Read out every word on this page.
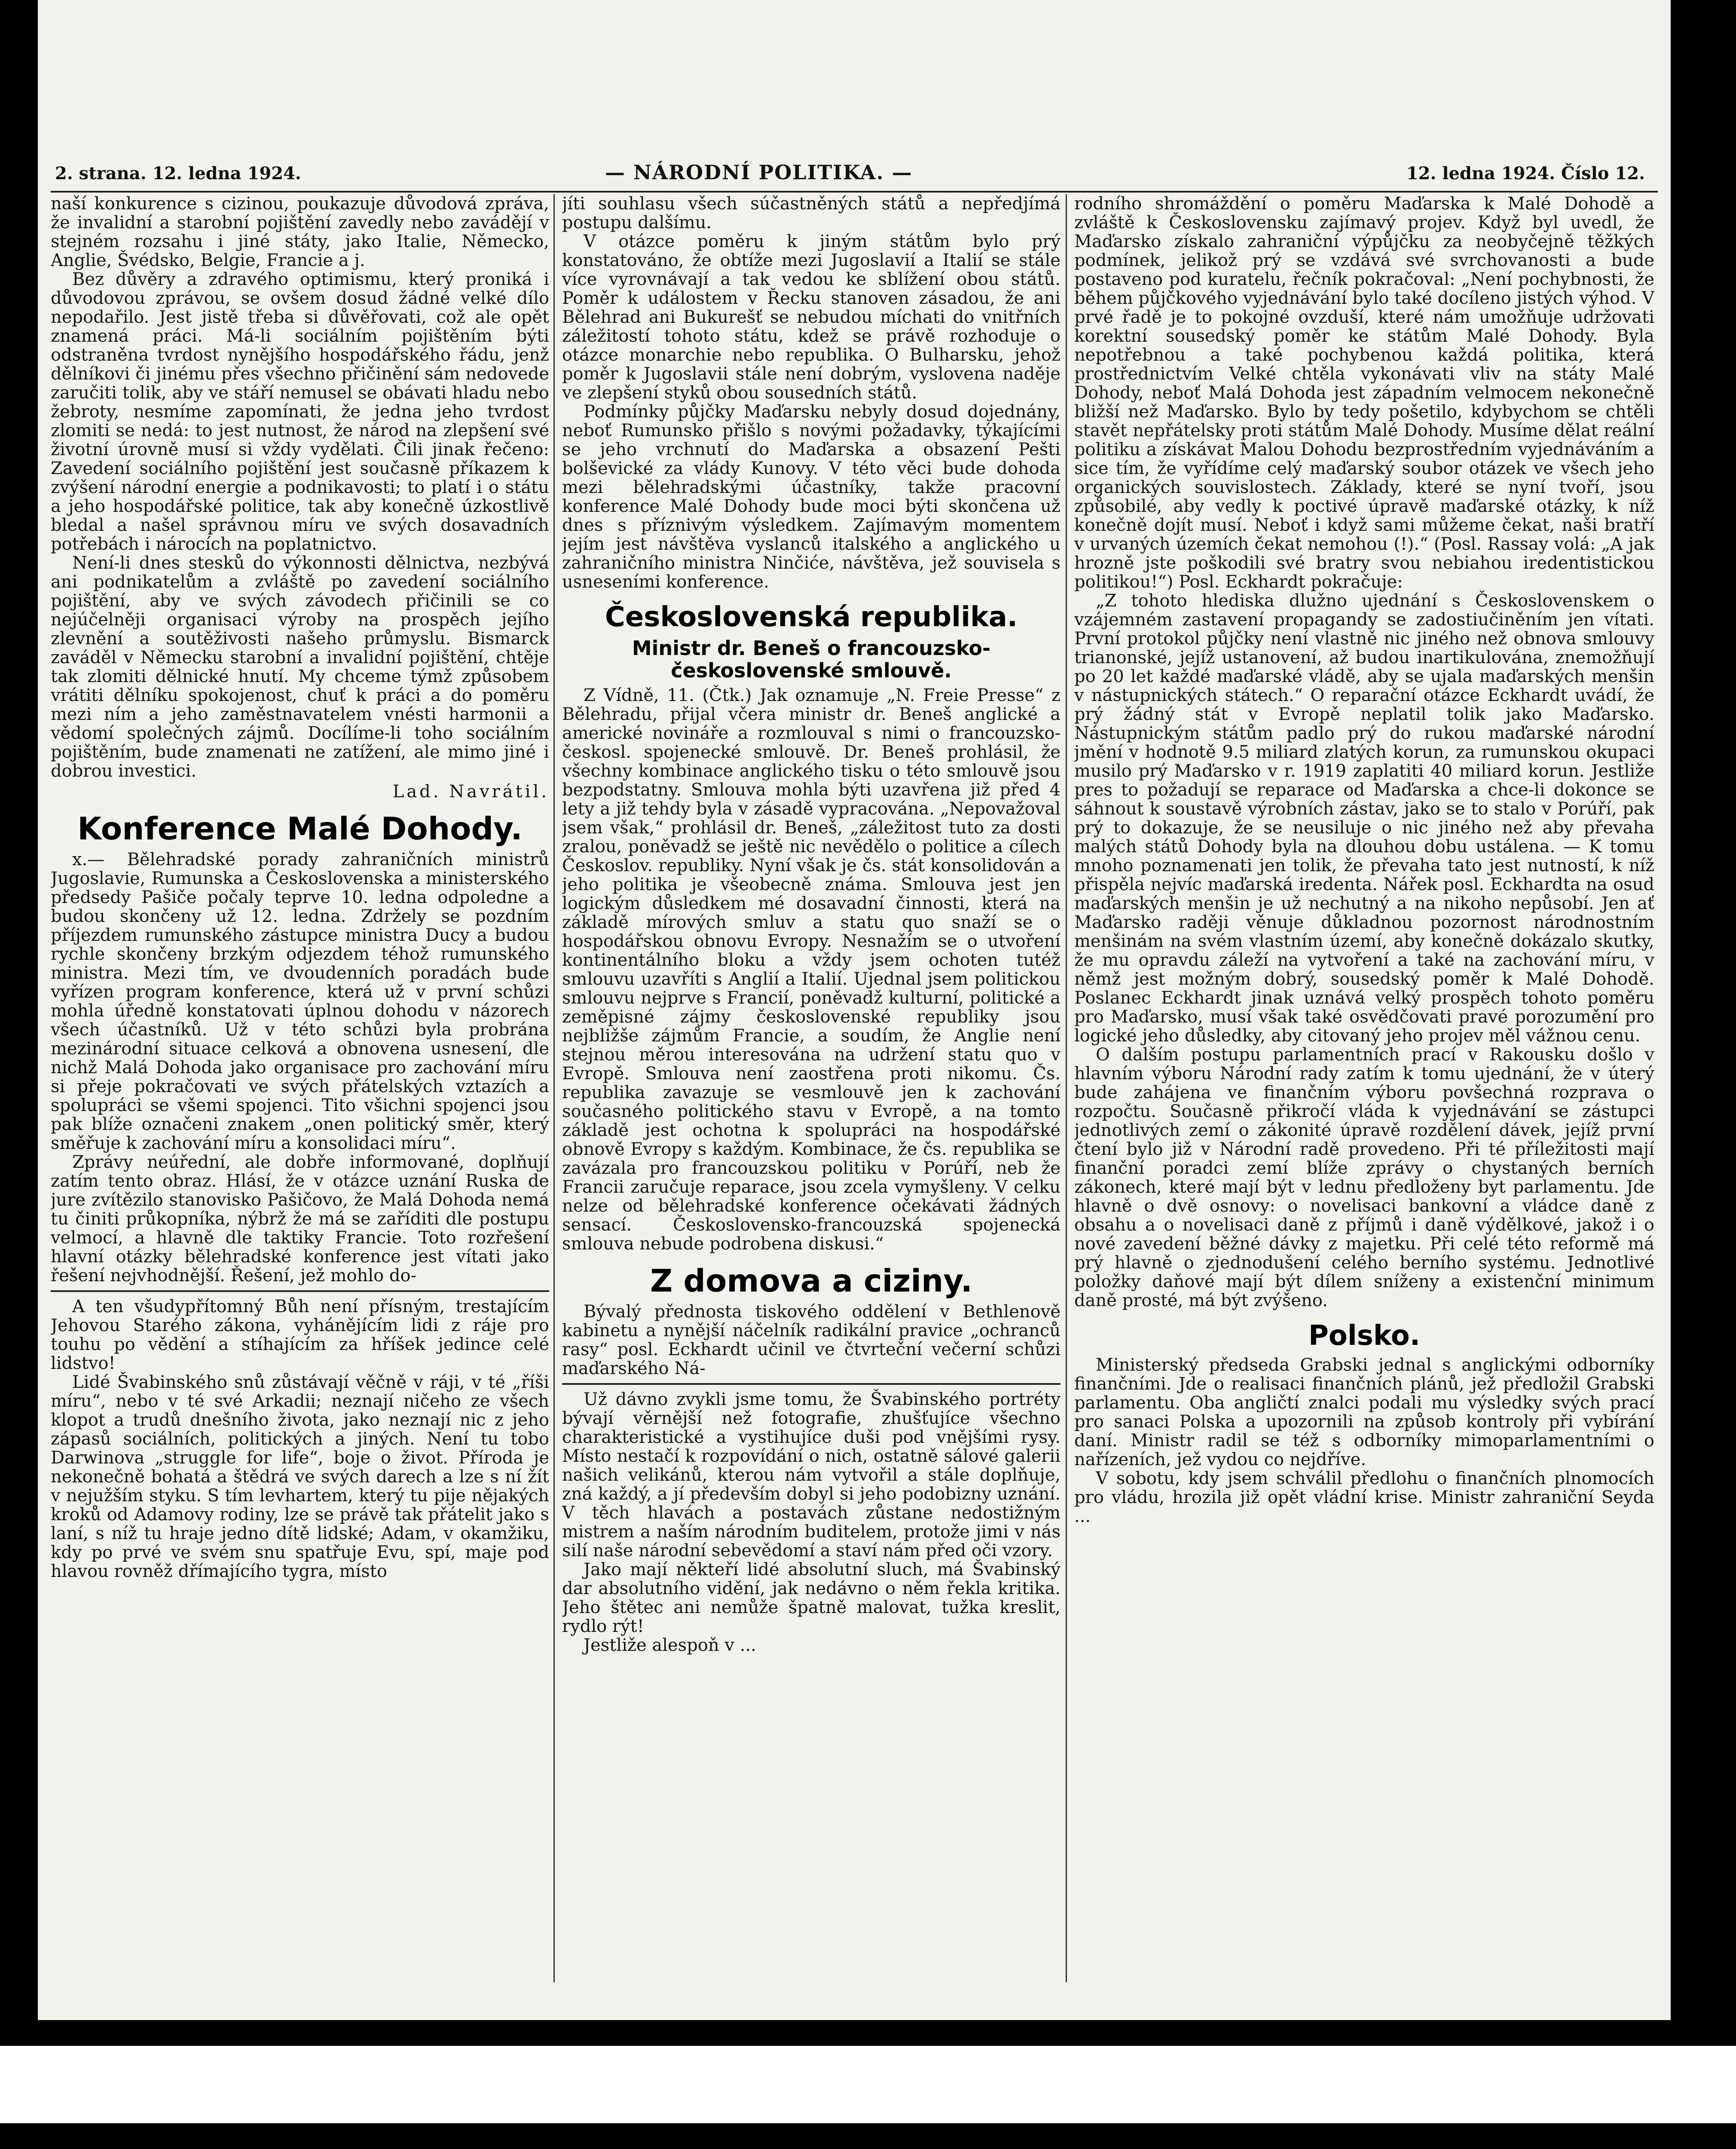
2. strana. 12. ledna 1924.	— NÁRODNÍ POLITIKA. —	12. ledna 1924. Číslo 12.

naší konkurence s cizinou, poukazuje důvodová zpráva, že invalidní a starobní pojištění zavedly nebo zavádějí v stejném rozsahu i jiné státy, jako Italie, Německo, Anglie, Švédsko, Belgie, Francie a j.

Bez důvěry a zdravého optimismu, který proniká i důvodovou zprávou, se ovšem dosud žádné velké dílo nepodařilo. Jest jistě třeba si důvěřovati, což ale opět znamená práci. Má-li sociálním pojištěním býti odstraněna tvrdost nynějšího hospodářského řádu, jenž dělníkovi či jinému přes všechno přičinění sám nedovede zaručiti tolik, aby ve stáří nemusel se obávati hladu nebo žebroty, nesmíme zapomínati, že jedna jeho tvrdost zlomiti se nedá: to jest nutnost, že národ na zlepšení své životní úrovně musí si vždy vydělati. Čili jinak řečeno: Zavedení sociálního pojištění jest současně příkazem k zvýšení národní energie a podnikavosti; to platí i o státu a jeho hospodářské politice, tak aby konečně úzkostlivě bledal a našel správnou míru ve svých dosavadních potřebách i nárocích na poplatnictvo.

Není-li dnes stesků do výkonnosti dělnictva, nezbývá ani podnikatelům a zvláště po zavedení sociálního pojištění, aby ve svých závodech přičinili se co nejúčelněji organisaci výroby na prospěch jejího zlevnění a soutěživosti našeho průmyslu. Bismarck zaváděl v Německu starobní a invalidní pojištění, chtěje tak zlomiti dělnické hnutí. My chceme týmž způsobem vrátiti dělníku spokojenost, chuť k práci a do poměru mezi ním a jeho zaměstnavatelem vnésti harmonii a vědomí společných zájmů. Docílíme-li toho sociálním pojištěním, bude znamenati ne zatížení, ale mimo jiné i dobrou investici.

Lad. Navrátil.
Konference Malé Dohody.

x.— Bělehradské porady zahraničních ministrů Jugoslavie, Rumunska a Československa a ministerského předsedy Pašiče počaly teprve 10. ledna odpoledne a budou skončeny už 12. ledna. Zdržely se pozdním příjezdem rumunského zástupce ministra Ducy a budou rychle skončeny brzkým odjezdem téhož rumunského ministra. Mezi tím, ve dvoudenních poradách bude vyřízen program konference, která už v první schůzi mohla úředně konstatovati úplnou dohodu v názorech všech účastníků. Už v této schůzi byla probrána mezinárodní situace celková a obnovena usnesení, dle nichž Malá Dohoda jako organisace pro zachování míru si přeje pokračovati ve svých přátelských vztazích a spolupráci se všemi spojenci. Tito všichni spojenci jsou pak blíže označeni znakem „onen politický směr, který směřuje k zachování míru a konsolidaci míru“.

Zprávy neúřední, ale dobře informované, doplňují zatím tento obraz. Hlásí, že v otázce uznání Ruska de jure zvítězilo stanovisko Pašičovo, že Malá Dohoda nemá tu činiti průkopníka, nýbrž že má se zaříditi dle postupu velmocí, a hlavně dle taktiky Francie. Toto rozřešení hlavní otázky bělehradské konference jest vítati jako řešení nejvhodnější. Řešení, jež mohlo do-

A ten všudypřítomný Bůh není přísným, trestajícím Jehovou Starého zákona, vyhánějícím lidi z ráje pro touhu po vědění a stíhajícím za hříšek jedince celé lidstvo!

Lidé Švabinského snů zůstávají věčně v ráji, v té „říši míru“, nebo v té své Arkadii; neznají ničeho ze všech klopot a trudů dnešního života, jako neznají nic z jeho zápasů sociálních, politických a jiných. Není tu tobo Darwinova „struggle for life“, boje o život. Příroda je nekonečně bohatá a štědrá ve svých darech a lze s ní žít v nejužším styku. S tím levhartem, který tu pije nějakých kroků od Adamovy rodiny, lze se právě tak přátelit jako s laní, s níž tu hraje jedno dítě lidské; Adam, v okamžiku, kdy po prvé ve svém snu spatřuje Evu, spí, maje pod hlavou rovněž dřímajícího tygra, místo

jíti souhlasu všech súčastněných států a nepředjímá postupu dalšímu.

V otázce poměru k jiným státům bylo prý konstatováno, že obtíže mezi Jugoslavií a Italií se stále více vyrovnávají a tak vedou ke sblížení obou států. Poměr k událostem v Řecku stanoven zásadou, že ani Bělehrad ani Bukurešť se nebudou míchati do vnitřních záležitostí tohoto státu, kdež se právě rozhoduje o otázce monarchie nebo republika. O Bulharsku, jehož poměr k Jugoslavii stále není dobrým, vyslovena naděje ve zlepšení styků obou sousedních států.

Podmínky půjčky Maďarsku nebyly dosud dojednány, neboť Rumunsko přišlo s novými požadavky, týkajícími se jeho vrchnutí do Maďarska a obsazení Pešti bolševické za vlády Kunovy. V této věci bude dohoda mezi bělehradskými účastníky, takže pracovní konference Malé Dohody bude moci býti skončena už dnes s příznivým výsledkem. Zajímavým momentem jejím jest návštěva vyslanců italského a anglického u zahraničního ministra Ninčiće, návštěva, jež souvisela s usneseními konference.

Československá republika.
Ministr dr. Beneš o francouzsko-československé smlouvě.

Z Vídně, 11. (Čtk.) Jak oznamuje „N. Freie Presse“ z Bělehradu, přijal včera ministr dr. Beneš anglické a americké novináře a rozmlouval s nimi o francouzsko-českosl. spojenecké smlouvě. Dr. Beneš prohlásil, že všechny kombinace anglického tisku o této smlouvě jsou bezpodstatny. Smlouva mohla býti uzavřena již před 4 lety a již tehdy byla v zásadě vypracována. „Nepovažoval jsem však,“ prohlásil dr. Beneš, „záležitost tuto za dosti zralou, poněvadž se ještě nic nevědělo o politice a cílech Českoslov. republiky. Nyní však je čs. stát konsolidován a jeho politika je všeobecně známa. Smlouva jest jen logickým důsledkem mé dosavadní činnosti, která na základě mírových smluv a statu quo snaží se o hospodářskou obnovu Evropy. Nesnažím se o utvoření kontinentálního bloku a vždy jsem ochoten tutéž smlouvu uzavříti s Anglií a Italií. Ujednal jsem politickou smlouvu nejprve s Francií, poněvadž kulturní, politické a zeměpisné zájmy československé republiky jsou nejbližše zájmům Francie, a soudím, že Anglie není stejnou měrou interesována na udržení statu quo v Evropě. Smlouva není zaostřena proti nikomu. Čs. republika zavazuje se vesmlouvě jen k zachování současného politického stavu v Evropě, a na tomto základě jest ochotna k spolupráci na hospodářské obnově Evropy s každým. Kombinace, že čs. republika se zavázala pro francouzskou politiku v Porúří, neb že Francii zaručuje reparace, jsou zcela vymyšleny. V celku nelze od bělehradské konference očekávati žádných sensací. Československo-francouzská spojenecká smlouva nebude podrobena diskusi.“

Z domova a ciziny.

Bývalý přednosta tiskového oddělení v Bethlenově kabinetu a nynější náčelník radikální pravice „ochranců rasy“ posl. Eckhardt učinil ve čtvrteční večerní schůzi maďarského Ná-

Už dávno zvykli jsme tomu, že Švabinského portréty bývají věrnější než fotografie, zhušťujíce všechno charakteristické a vystihujíce duši pod vnějšími rysy. Místo nestačí k rozpovídání o nich, ostatně sálové galerii našich velikánů, kterou nám vytvořil a stále doplňuje, zná každý, a jí především dobyl si jeho podobizny uznání. V těch hlavách a postavách zůstane nedostižným mistrem a naším národním buditelem, protože jimi v nás silí naše národní sebevědomí a staví nám před oči vzory.

Jako mají někteří lidé absolutní sluch, má Švabinský dar absolutního vidění, jak nedávno o něm řekla kritika. Jeho štětec ani nemůže špatně malovat, tužka kreslit, rydlo rýt!

Jestliže alespoň v ...

rodního shromáždění o poměru Maďarska k Malé Dohodě a zvláště k Československu zajímavý projev. Když byl uvedl, že Maďarsko získalo zahraniční výpůjčku za neobyčejně těžkých podmínek, jelikož prý se vzdává své svrchovanosti a bude postaveno pod kuratelu, řečník pokračoval: „Není pochybnosti, že během půjčkového vyjednávání bylo také docíleno jistých výhod. V prvé řadě je to pokojné ovzduší, které nám umožňuje udržovati korektní sousedský poměr ke státům Malé Dohody. Byla nepotřebnou a také pochybenou každá politika, která prostřednictvím Velké chtěla vykonávati vliv na státy Malé Dohody, neboť Malá Dohoda jest západním velmocem nekonečně bližší než Maďarsko. Bylo by tedy pošetilo, kdybychom se chtěli stavět nepřátelsky proti státům Malé Dohody. Musíme dělat reální politiku a získávat Malou Dohodu bezprostředním vyjednáváním a sice tím, že vyřídíme celý maďarský soubor otázek ve všech jeho organických souvislostech. Základy, které se nyní tvoří, jsou způsobilé, aby vedly k poctivé úpravě maďarské otázky, k níž konečně dojít musí. Neboť i když sami můžeme čekat, naši bratří v urvaných územích čekat nemohou (!).“ (Posl. Rassay volá: „A jak hrozně jste poškodili své bratry svou nebiahou iredentistickou politikou!“) Posl. Eckhardt pokračuje:

„Z tohoto hlediska dlužno ujednání s Československem o vzájemném zastavení propagandy se zadostiučiněním jen vítati. První protokol půjčky není vlastně nic jiného než obnova smlouvy trianonské, jejíž ustanovení, až budou inartikulována, znemožňují po 20 let každé maďarské vládě, aby se ujala maďarských menšin v nástupnických státech.“ O reparační otázce Eckhardt uvádí, že prý žádný stát v Evropě neplatil tolik jako Maďarsko. Nástupnickým státům padlo prý do rukou maďarské národní jmění v hodnotě 9.5 miliard zlatých korun, za rumunskou okupaci musilo prý Maďarsko v r. 1919 zaplatiti 40 miliard korun. Jestliže pres to požadují se reparace od Maďarska a chce-li dokonce se sáhnout k soustavě výrobních zástav, jako se to stalo v Porúří, pak prý to dokazuje, že se neusiluje o nic jiného než aby převaha malých států Dohody byla na dlouhou dobu ustálena. — K tomu mnoho poznamenati jen tolik, že převaha tato jest nutností, k níž přispěla nejvíc maďarská iredenta. Nářek posl. Eckhardta na osud maďarských menšin je už nechutný a na nikoho nepůsobí. Jen ať Maďarsko raději věnuje důkladnou pozornost národnostním menšinám na svém vlastním území, aby konečně dokázalo skutky, že mu opravdu záleží na vytvoření a také na zachování míru, v němž jest možným dobrý, sousedský poměr k Malé Dohodě. Poslanec Eckhardt jinak uznává velký prospěch tohoto poměru pro Maďarsko, musí však také osvědčovati pravé porozumění pro logické jeho důsledky, aby citovaný jeho projev měl vážnou cenu.

O dalším postupu parlamentních prací v Rakousku došlo v hlavním výboru Národní rady zatím k tomu ujednání, že v úterý bude zahájena ve finančním výboru povšechná rozprava o rozpočtu. Současně přikročí vláda k vyjednávání se zástupci jednotlivých zemí o zákonité úpravě rozdělení dávek, jejíž první čtení bylo již v Národní radě provedeno. Při té příležitosti mají finanční poradci zemí blíže zprávy o chystaných berních zákonech, které mají být v lednu předloženy byt parlamentu. Jde hlavně o dvě osnovy: o novelisaci bankovní a vládce daně z obsahu a o novelisaci daně z příjmů i daně výdělkové, jakož i o nové zavedení běžné dávky z majetku. Při celé této reformě má prý hlavně o zjednodušení celého berního systému. Jednotlivé položky daňové mají být dílem sníženy a existenční minimum daně prosté, má být zvýšeno.

Polsko.

Ministerský předseda Grabski jednal s anglickými odborníky finančními. Jde o realisaci finančních plánů, jež předložil Grabski parlamentu. Oba angličtí znalci podali mu výsledky svých prací pro sanaci Polska a upozornili na způsob kontroly při vybírání daní. Ministr radil se též s odborníky mimoparlamentními o nařízeních, jež vydou co nejdříve.

V sobotu, kdy jsem schválil předlohu o finančních plnomocích pro vládu, hrozila již opět vládní krise. Ministr zahraniční Seyda ...
